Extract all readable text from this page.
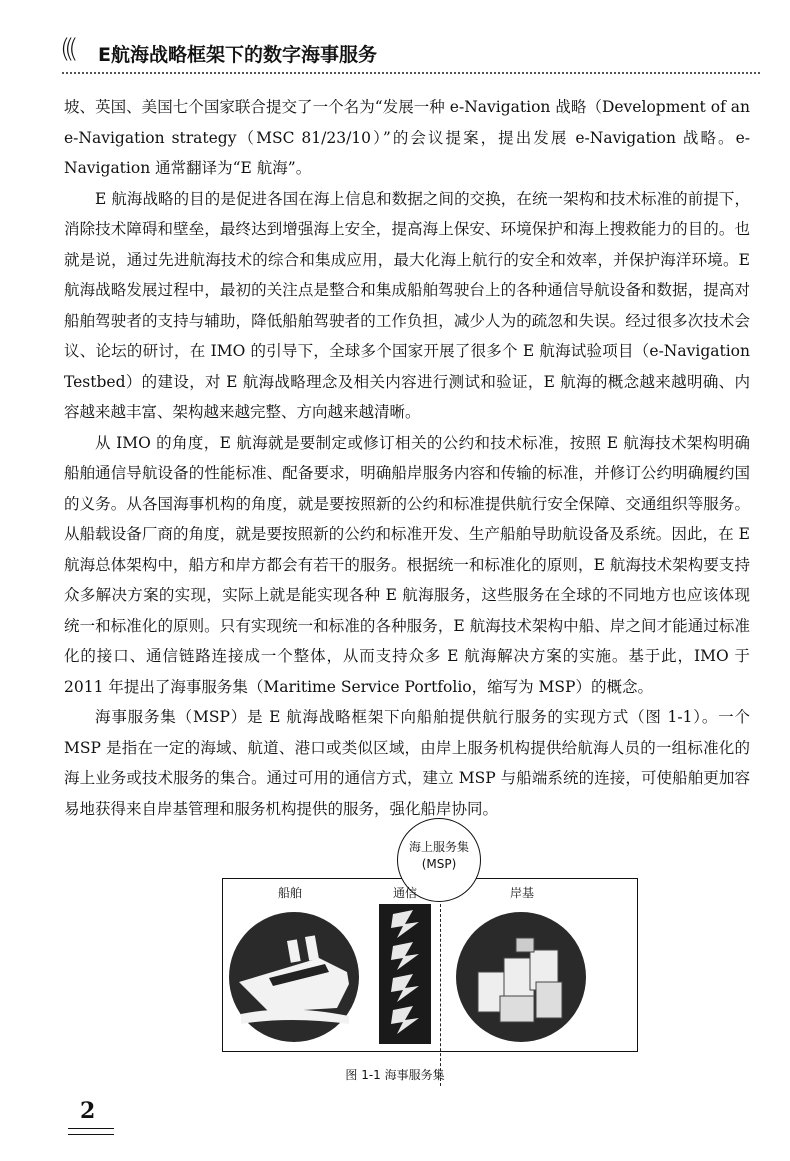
((( E航海战略框架下的数字海事服务

坡、英国、美国七个国家联合提交了一个名为“发展一种 e-Navigation 战略（Development of an e-Navigation strategy（MSC 81/23/10）”的会议提案，提出发展 e-Navigation 战略。e-Navigation 通常翻译为“E 航海”。

E 航海战略的目的是促进各国在海上信息和数据之间的交换，在统一架构和技术标准的前提下，消除技术障碍和壁垒，最终达到增强海上安全，提高海上保安、环境保护和海上搜救能力的目的。也就是说，通过先进航海技术的综合和集成应用，最大化海上航行的安全和效率，并保护海洋环境。E 航海战略发展过程中，最初的关注点是整合和集成船舶驾驶台上的各种通信导航设备和数据，提高对船舶驾驶者的支持与辅助，降低船舶驾驶者的工作负担，减少人为的疏忽和失误。经过很多次技术会议、论坛的研讨，在 IMO 的引导下，全球多个国家开展了很多个 E 航海试验项目（e-Navigation Testbed）的建设，对 E 航海战略理念及相关内容进行测试和验证，E 航海的概念越来越明确、内容越来越丰富、架构越来越完整、方向越来越清晰。

从 IMO 的角度，E 航海就是要制定或修订相关的公约和技术标准，按照 E 航海技术架构明确船舶通信导航设备的性能标准、配备要求，明确船岸服务内容和传输的标准，并修订公约明确履约国的义务。从各国海事机构的角度，就是要按照新的公约和标准提供航行安全保障、交通组织等服务。从船载设备厂商的角度，就是要按照新的公约和标准开发、生产船舶导助航设备及系统。因此，在 E 航海总体架构中，船方和岸方都会有若干的服务。根据统一和标准化的原则，E 航海技术架构要支持众多解决方案的实现，实际上就是能实现各种 E 航海服务，这些服务在全球的不同地方也应该体现统一和标准化的原则。只有实现统一和标准的各种服务，E 航海技术架构中船、岸之间才能通过标准化的接口、通信链路连接成一个整体，从而支持众多 E 航海解决方案的实施。基于此，IMO 于 2011 年提出了海事服务集（Maritime Service Portfolio，缩写为 MSP）的概念。

海事服务集（MSP）是 E 航海战略框架下向船舶提供航行服务的实现方式（图 1-1）。一个 MSP 是指在一定的海域、航道、港口或类似区域，由岸上服务机构提供给航海人员的一组标准化的海上业务或技术服务的集合。通过可用的通信方式，建立 MSP 与船端系统的连接，可使船舶更加容易地获得来自岸基管理和服务机构提供的服务，强化船岸协同。

海上服务集
(MSP)
船舶	通信	岸基
图 1-1 海事服务集
2
